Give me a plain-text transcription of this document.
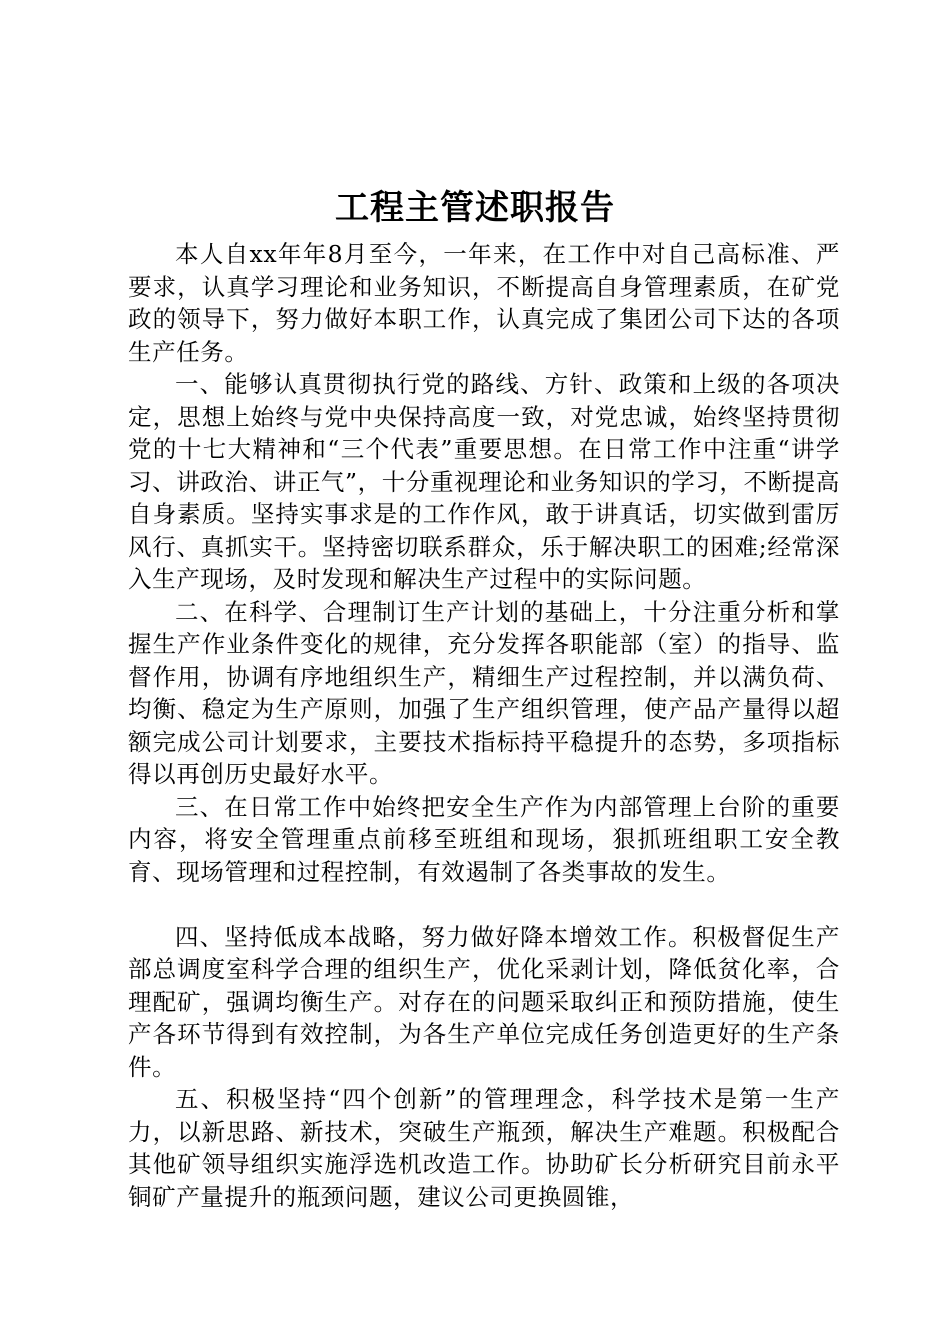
工程主管述职报告

本人自xx年年8月至今，一年来，在工作中对自己高标准、严要求，认真学习理论和业务知识，不断提高自身管理素质，在矿党政的领导下，努力做好本职工作，认真完成了集团公司下达的各项生产任务。

一、能够认真贯彻执行党的路线、方针、政策和上级的各项决定，思想上始终与党中央保持高度一致，对党忠诚，始终坚持贯彻党的十七大精神和“三个代表”重要思想。在日常工作中注重“讲学习、讲政治、讲正气”，十分重视理论和业务知识的学习，不断提高自身素质。坚持实事求是的工作作风，敢于讲真话，切实做到雷厉风行、真抓实干。坚持密切联系群众，乐于解决职工的困难;经常深入生产现场，及时发现和解决生产过程中的实际问题。

二、在科学、合理制订生产计划的基础上，十分注重分析和掌握生产作业条件变化的规律，充分发挥各职能部（室）的指导、监督作用，协调有序地组织生产，精细生产过程控制，并以满负荷、均衡、稳定为生产原则，加强了生产组织管理，使产品产量得以超额完成公司计划要求，主要技术指标持平稳提升的态势，多项指标得以再创历史最好水平。

三、在日常工作中始终把安全生产作为内部管理上台阶的重要内容，将安全管理重点前移至班组和现场，狠抓班组职工安全教育、现场管理和过程控制，有效遏制了各类事故的发生。

四、坚持低成本战略，努力做好降本增效工作。积极督促生产部总调度室科学合理的组织生产，优化采剥计划，降低贫化率，合理配矿，强调均衡生产。对存在的问题采取纠正和预防措施，使生产各环节得到有效控制，为各生产单位完成任务创造更好的生产条件。

五、积极坚持“四个创新”的管理理念，科学技术是第一生产力，以新思路、新技术，突破生产瓶颈，解决生产难题。积极配合其他矿领导组织实施浮选机改造工作。协助矿长分析研究目前永平铜矿产量提升的瓶颈问题，建议公司更换圆锥，
